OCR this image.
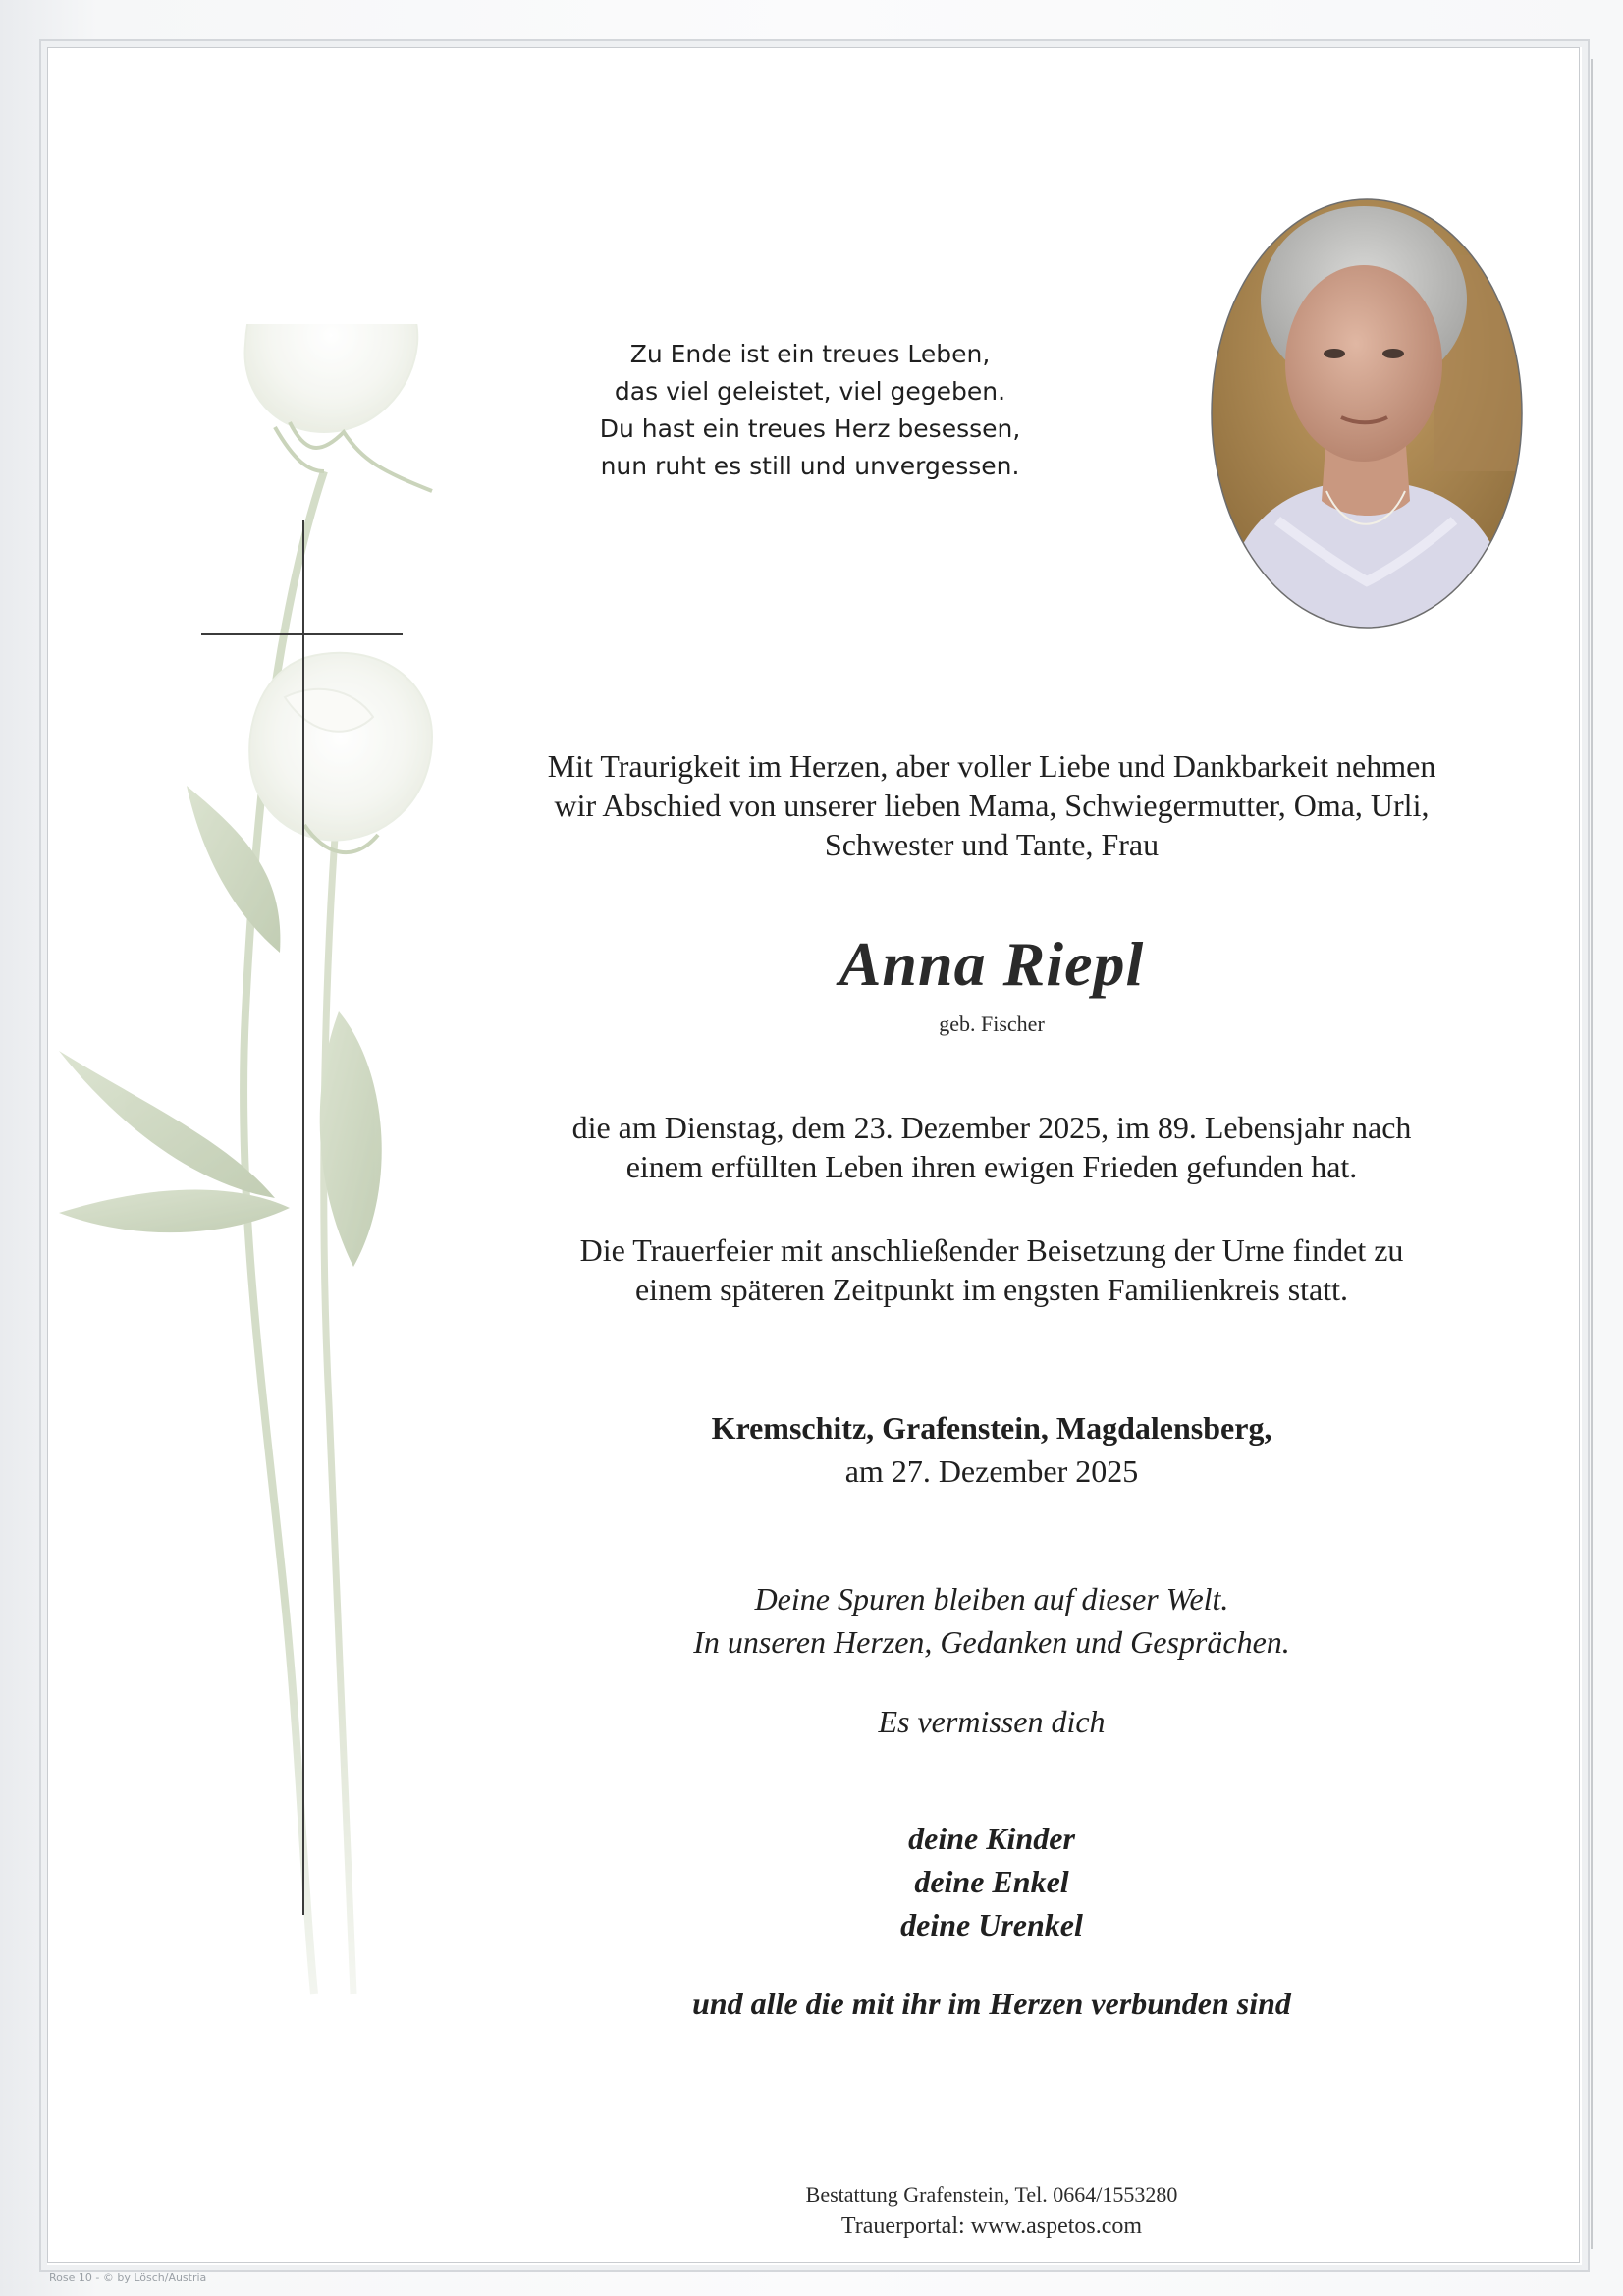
Zu Ende ist ein treues Leben,
das viel geleistet, viel gegeben.
Du hast ein treues Herz besessen,
nun ruht es still und unvergessen.
Mit Traurigkeit im Herzen, aber voller Liebe und Dankbarkeit nehmen
wir Abschied von unserer lieben Mama, Schwiegermutter, Oma, Urli,
Schwester und Tante, Frau
Anna Riepl
geb. Fischer
die am Dienstag, dem 23. Dezember 2025, im 89. Lebensjahr nach
einem erfüllten Leben ihren ewigen Frieden gefunden hat.
Die Trauerfeier mit anschließender Beisetzung der Urne findet zu
einem späteren Zeitpunkt im engsten Familienkreis statt.
Kremschitz, Grafenstein, Magdalensberg,
am 27. Dezember 2025
Deine Spuren bleiben auf dieser Welt.
In unseren Herzen, Gedanken und Gesprächen.
Es vermissen dich
deine Kinder
deine Enkel
deine Urenkel
und alle die mit ihr im Herzen verbunden sind
Bestattung Grafenstein, Tel. 0664/1553280
Trauerportal: www.aspetos.com
Rose 10 - © by Lösch/Austria
